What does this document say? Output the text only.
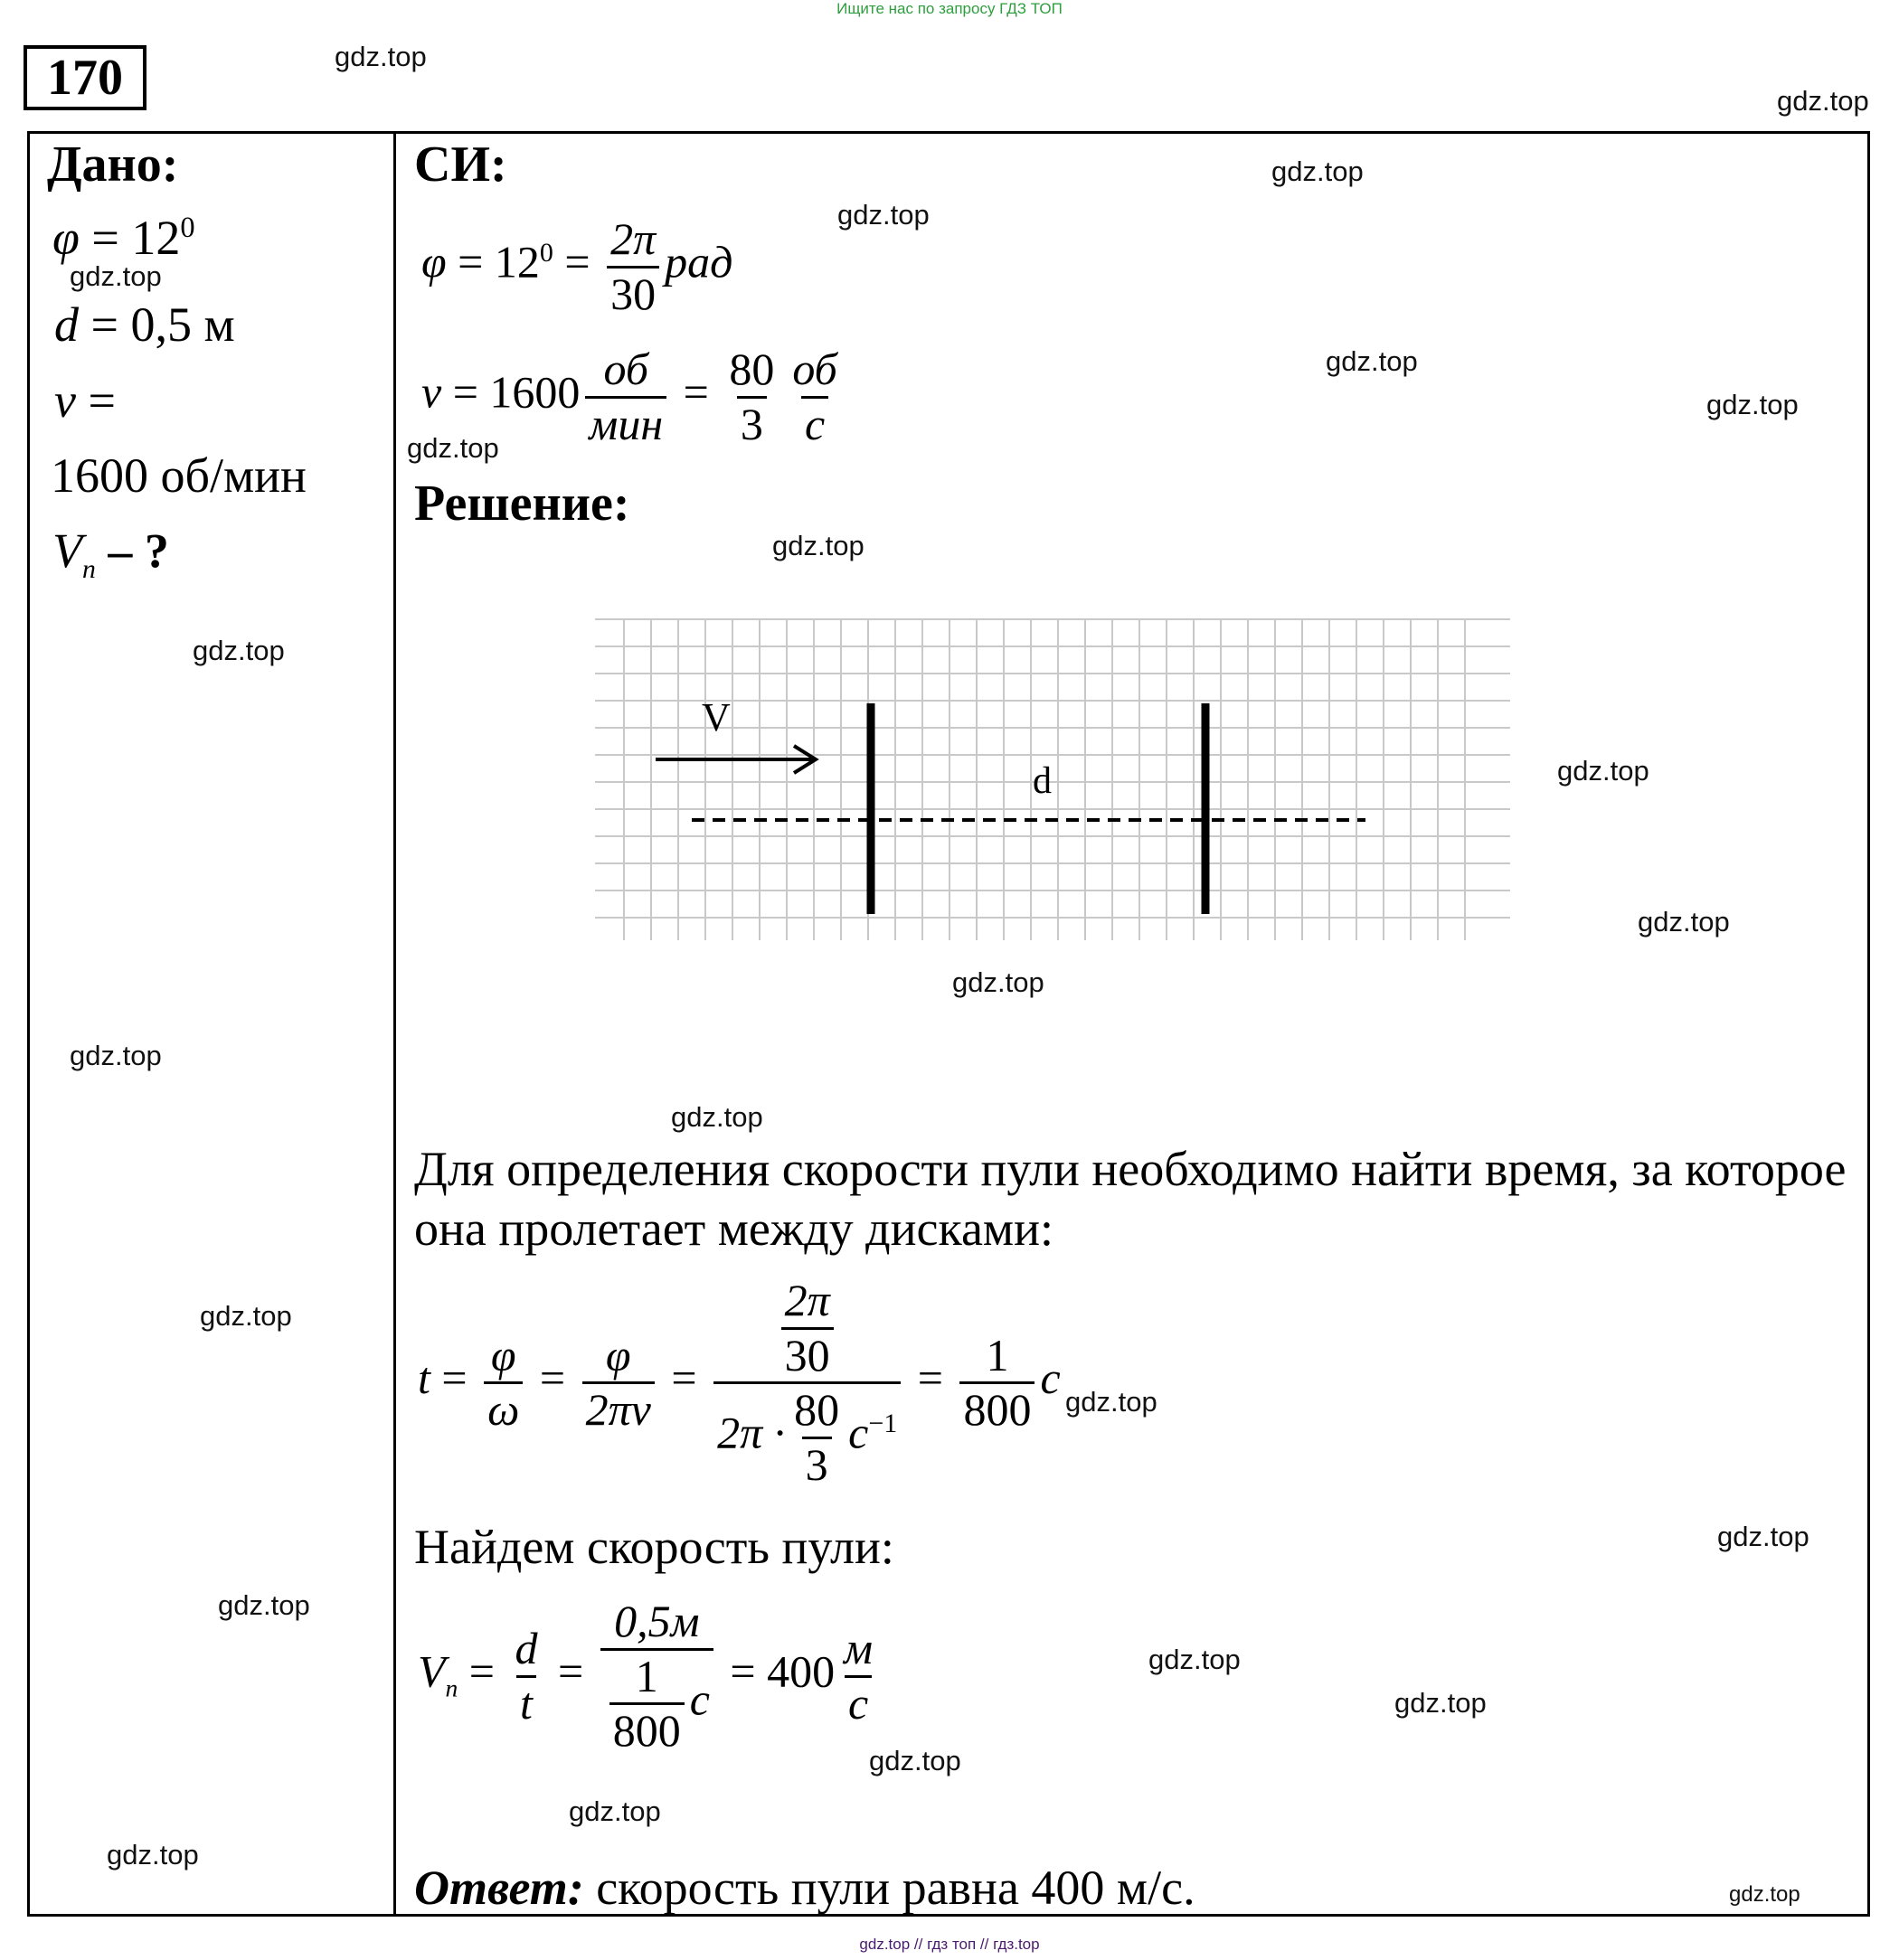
Ищите нас по запросу ГДЗ ТОП
170
Дано:
$\varphi = 12^0$
d = 0,5 м
ν =
1600 об/мин
$V_n$ – ?
СИ:
$\varphi = 12^0 = \frac{2\pi}{30}$ рад
$\nu = 1600 \frac{об}{\text{мин}} = \frac{80}{3} \frac{об}{с}$
Решение:
V
d
Для определения скорости пули необходимо найти время, за которое она пролетает между дисками:
$t = \frac{\varphi}{\omega} = \frac{\varphi}{2\pi\nu} = \frac{\frac{2\pi}{30}}{2\pi \cdot \frac{80}{3} c^{-1}} = \frac{1}{800}$ c
Найдем скорость пули:
$V_n = \frac{d}{t} = \frac{0,5м}{\frac{1}{800} c} = 400 \frac{м}{с}$
Ответ: скорость пули равна 400 м/с.
gdz.top
gdz.top
gdz.top
gdz.top
gdz.top
gdz.top
gdz.top
gdz.top
gdz.top
gdz.top
gdz.top
gdz.top
gdz.top
gdz.top
gdz.top
gdz.top
gdz.top
gdz.top
gdz.top
gdz.top
gdz.top
gdz.top
gdz.top
gdz.top
gdz.top
gdz.top // гдз топ // гдз.top
